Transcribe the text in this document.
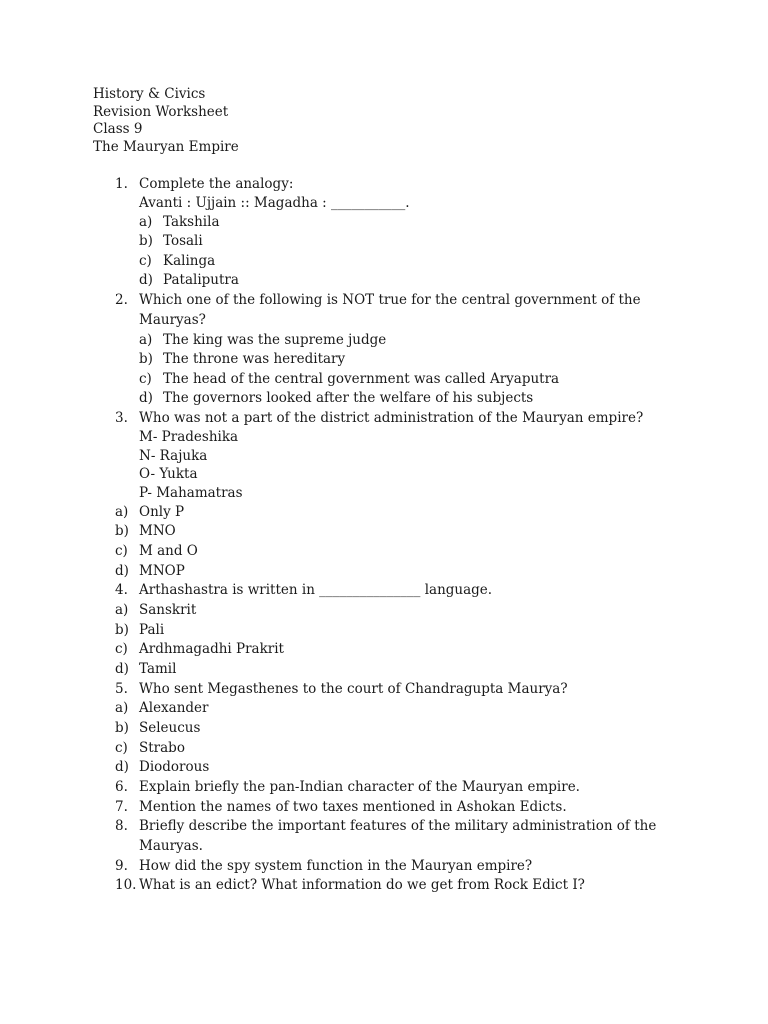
History & Civics
Revision Worksheet
Class 9
The Mauryan Empire
1. Complete the analogy:
Avanti : Ujjain :: Magadha : ___________.
a) Takshila
b) Tosali
c) Kalinga
d) Pataliputra
2. Which one of the following is NOT true for the central government of the
Mauryas?
a) The king was the supreme judge
b) The throne was hereditary
c) The head of the central government was called Aryaputra
d) The governors looked after the welfare of his subjects
3. Who was not a part of the district administration of the Mauryan empire?
M- Pradeshika
N- Rajuka
O- Yukta
P- Mahamatras
a) Only P
b) MNO
c) M and O
d) MNOP
4. Arthashastra is written in _______________ language.
a) Sanskrit
b) Pali
c) Ardhmagadhi Prakrit
d) Tamil
5. Who sent Megasthenes to the court of Chandragupta Maurya?
a) Alexander
b) Seleucus
c) Strabo
d) Diodorous
6. Explain briefly the pan-Indian character of the Mauryan empire.
7. Mention the names of two taxes mentioned in Ashokan Edicts.
8. Briefly describe the important features of the military administration of the
Mauryas.
9. How did the spy system function in the Mauryan empire?
10. What is an edict? What information do we get from Rock Edict I?
